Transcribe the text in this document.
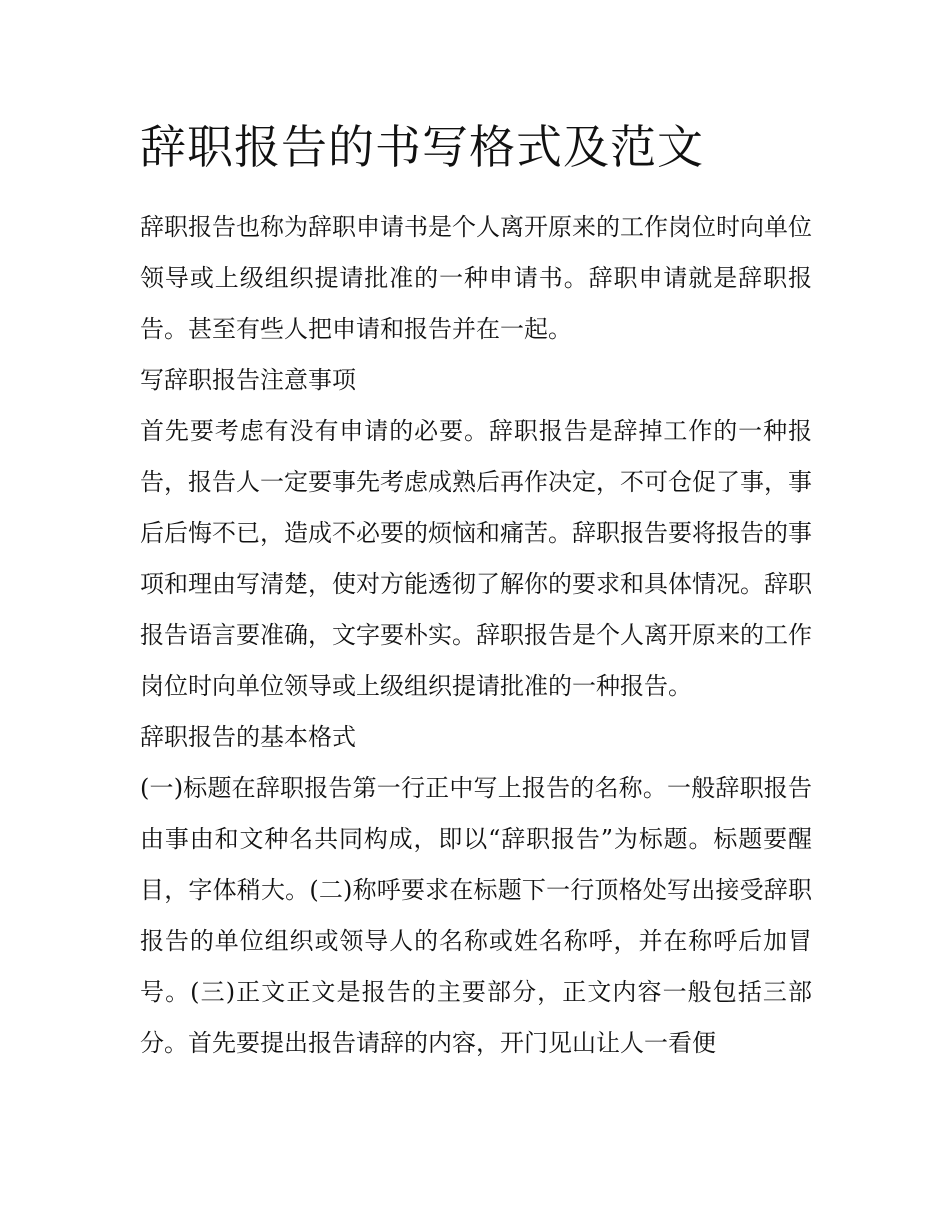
辞职报告的书写格式及范文

辞职报告也称为辞职申请书是个人离开原来的工作岗位时向单位领导或上级组织提请批准的一种申请书。辞职申请就是辞职报告。甚至有些人把申请和报告并在一起。

写辞职报告注意事项

首先要考虑有没有申请的必要。辞职报告是辞掉工作的一种报告，报告人一定要事先考虑成熟后再作决定，不可仓促了事，事后后悔不已，造成不必要的烦恼和痛苦。辞职报告要将报告的事项和理由写清楚，使对方能透彻了解你的要求和具体情况。辞职报告语言要准确，文字要朴实。辞职报告是个人离开原来的工作岗位时向单位领导或上级组织提请批准的一种报告。

辞职报告的基本格式

(一)标题在辞职报告第一行正中写上报告的名称。一般辞职报告由事由和文种名共同构成，即以“辞职报告”为标题。标题要醒目，字体稍大。(二)称呼要求在标题下一行顶格处写出接受辞职报告的单位组织或领导人的名称或姓名称呼，并在称呼后加冒号。(三)正文正文是报告的主要部分，正文内容一般包括三部分。首先要提出报告请辞的内容，开门见山让人一看便
